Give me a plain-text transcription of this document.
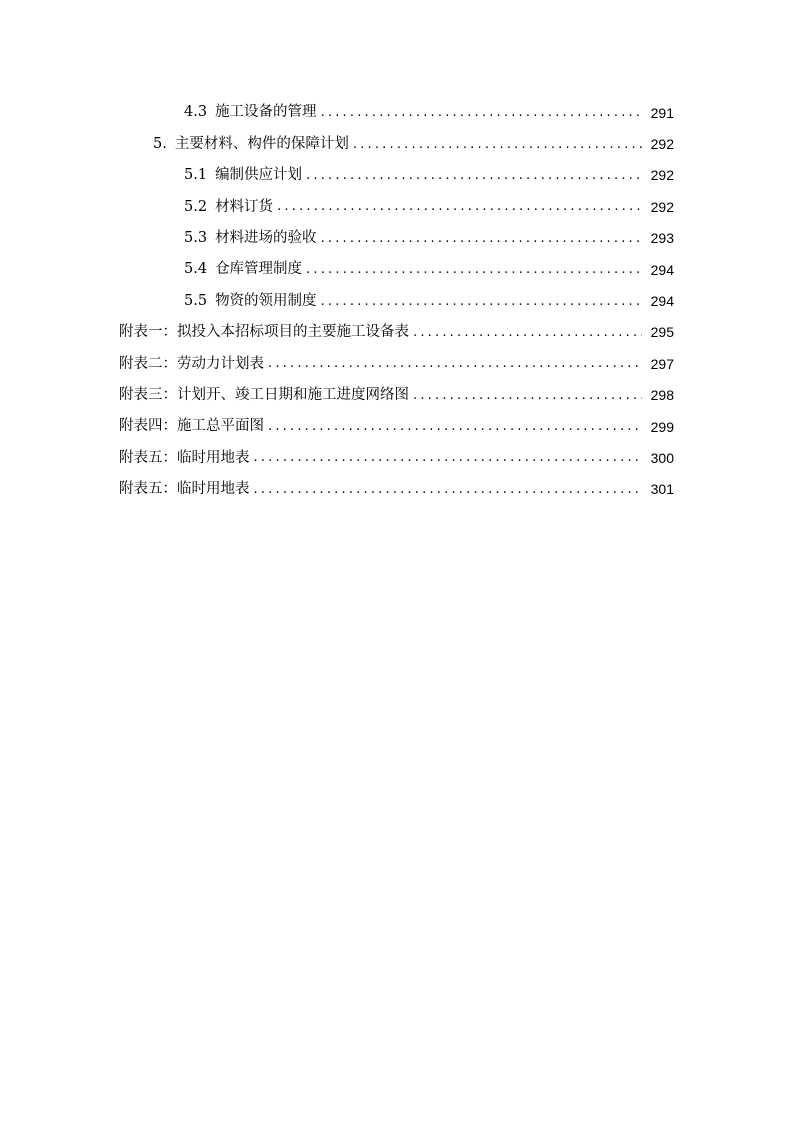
4.3 施工设备的管理 .....	291
5. 主要材料、构件的保障计划 .....	292
5.1 编制供应计划 .....	292
5.2 材料订货 .....	292
5.3 材料进场的验收 .....	293
5.4 仓库管理制度 .....	294
5.5 物资的领用制度 .....	294
附表一：拟投入本招标项目的主要施工设备表 .....	295
附表二：劳动力计划表 .....	297
附表三：计划开、竣工日期和施工进度网络图 .....	298
附表四：施工总平面图 .....	299
附表五：临时用地表 .....	300
附表五：临时用地表 .....	301
